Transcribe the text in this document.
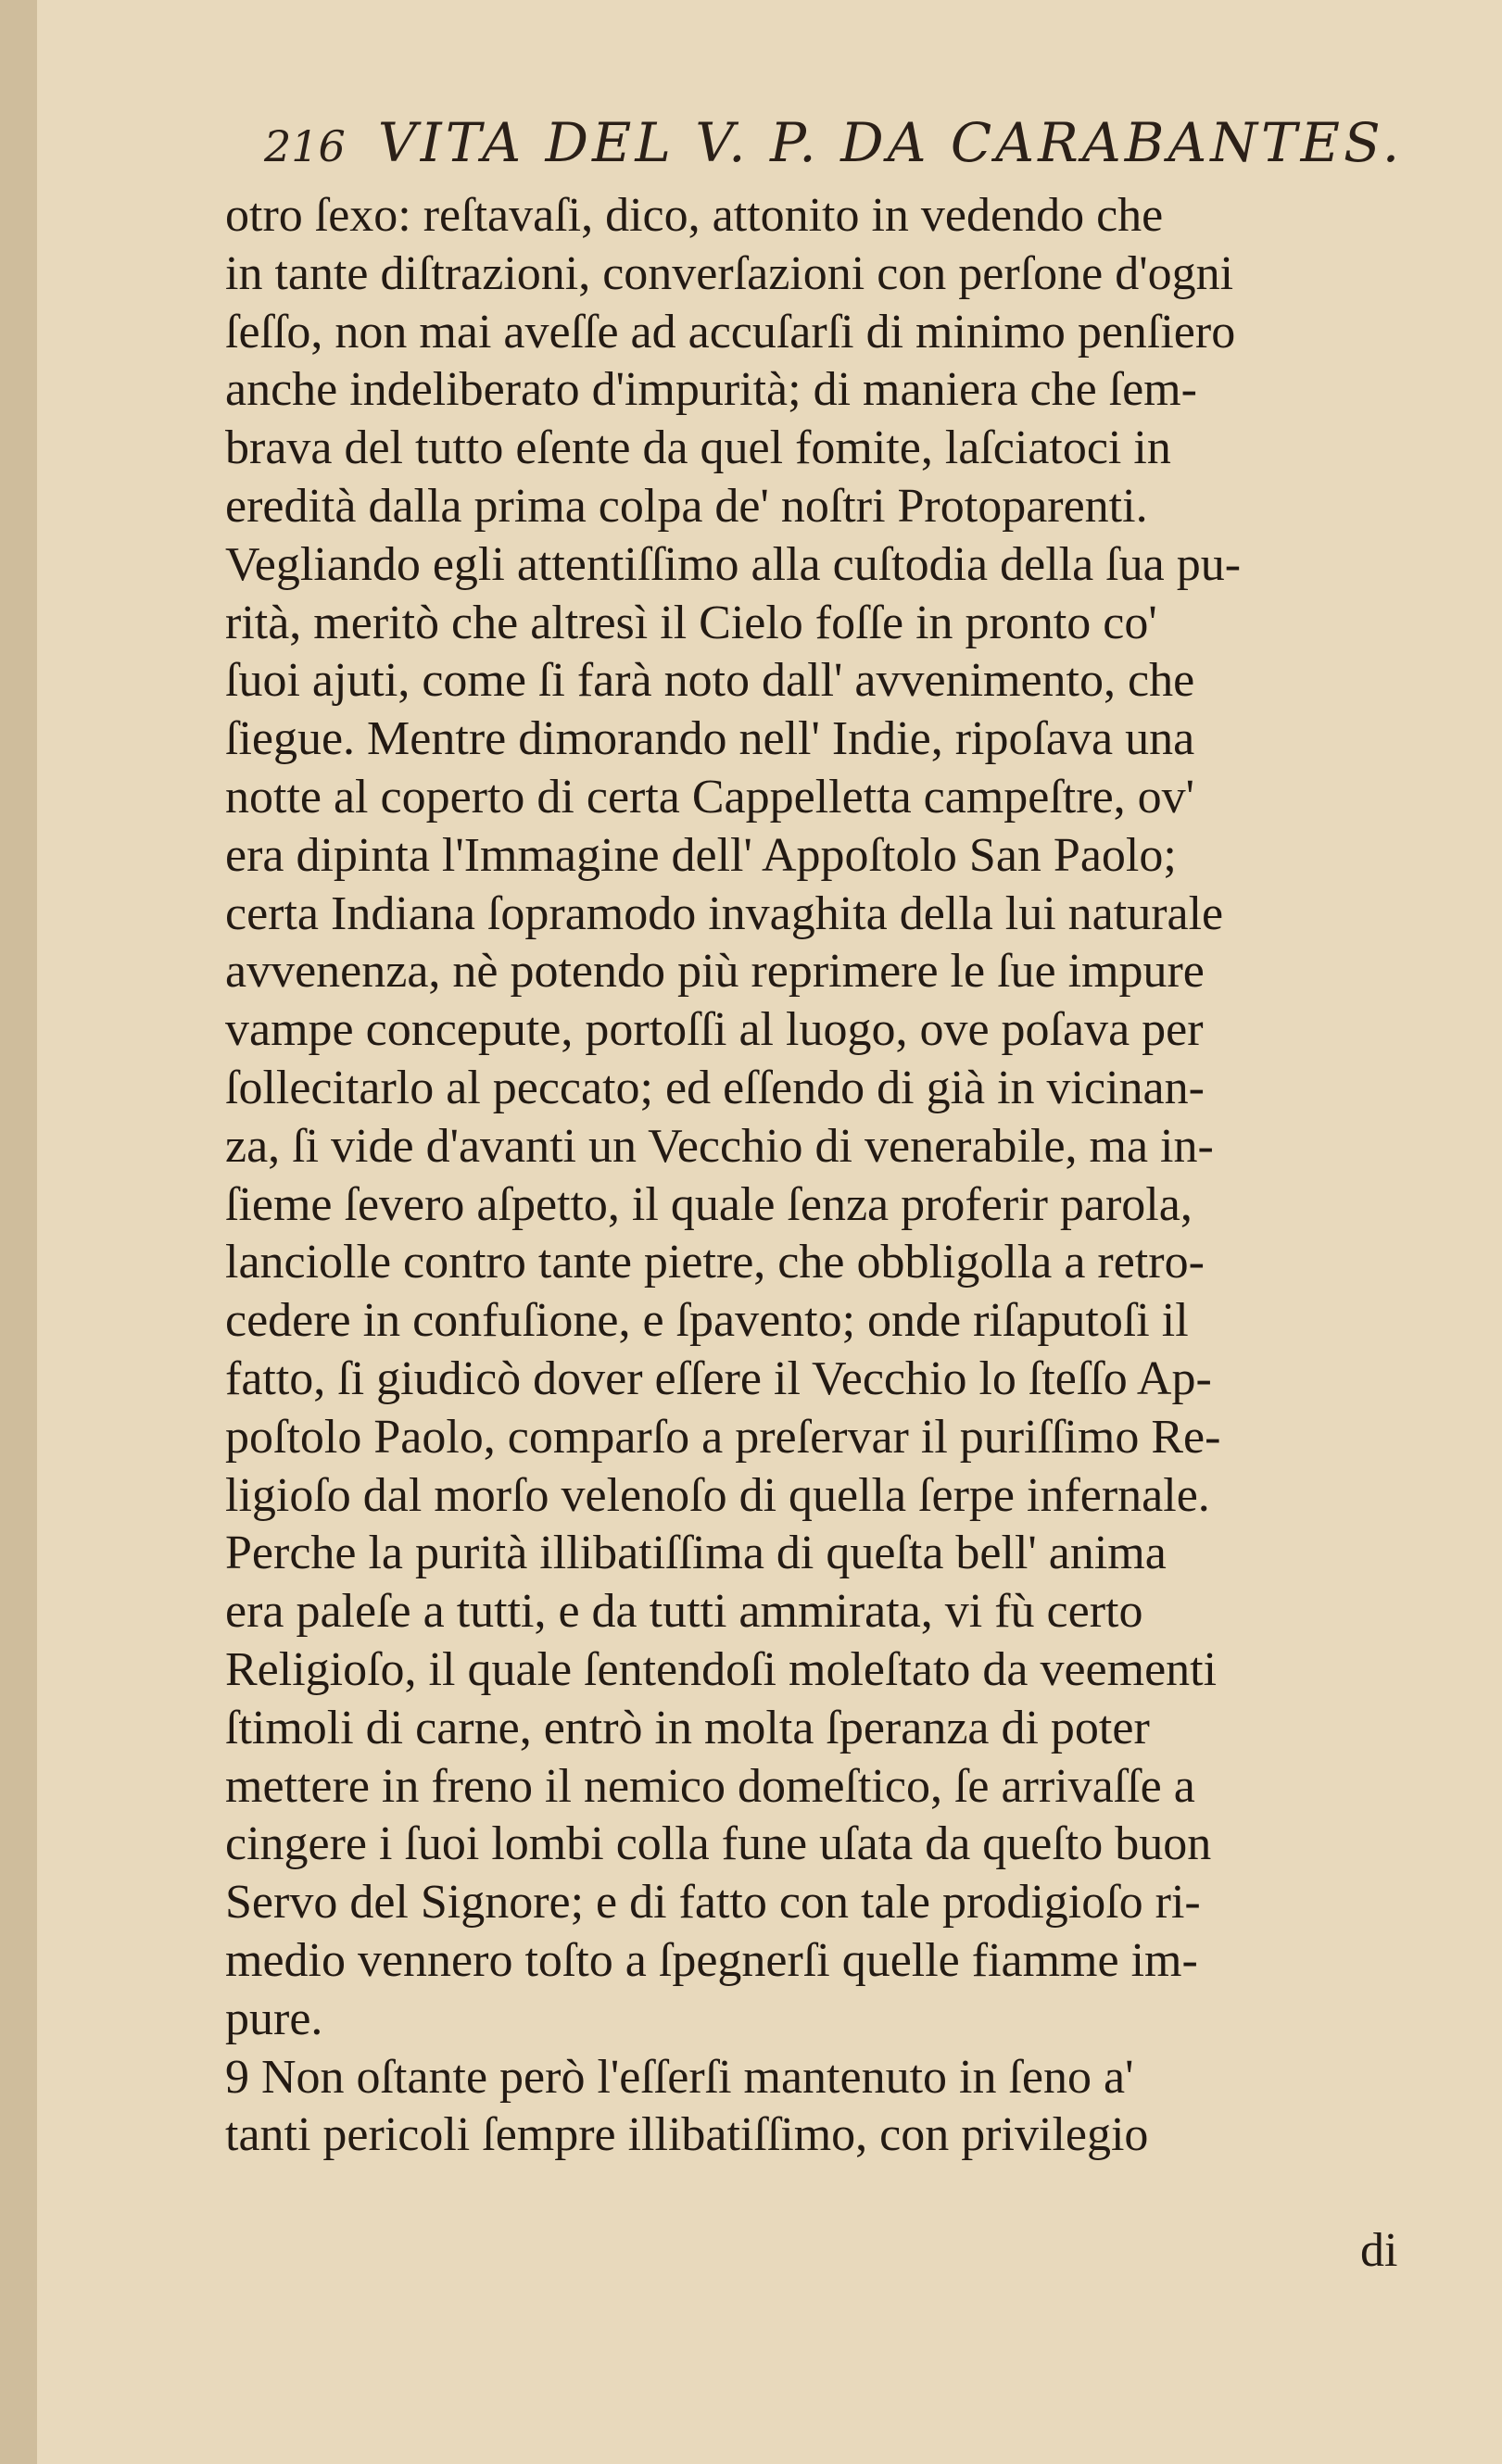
216 VITA DEL V. P. DA CARABANTES.
otro ſexo: reſtavaſi, dico, attonito in vedendo che
in tante diſtrazioni, converſazioni con perſone d'ogni
ſeſſo, non mai aveſſe ad accuſarſi di minimo penſiero
anche indeliberato d'impurità; di maniera che ſem-
brava del tutto eſente da quel fomite, laſciatoci in
eredità dalla prima colpa de' noſtri Protoparenti.
Vegliando egli attentiſſimo alla cuſtodia della ſua pu-
rità, meritò che altresì il Cielo foſſe in pronto co'
ſuoi ajuti, come ſi farà noto dall' avvenimento, che
ſiegue. Mentre dimorando nell' Indie, ripoſava una
notte al coperto di certa Cappelletta campeſtre, ov'
era dipinta l'Immagine dell' Appoſtolo San Paolo;
certa Indiana ſopramodo invaghita della lui naturale
avvenenza, nè potendo più reprimere le ſue impure
vampe concepute, portoſſi al luogo, ove poſava per
ſollecitarlo al peccato; ed eſſendo di già in vicinan-
za, ſi vide d'avanti un Vecchio di venerabile, ma in-
ſieme ſevero aſpetto, il quale ſenza proferir parola,
lanciolle contro tante pietre, che obbligolla a retro-
cedere in confuſione, e ſpavento; onde riſaputoſi il
fatto, ſi giudicò dover eſſere il Vecchio lo ſteſſo Ap-
poſtolo Paolo, comparſo a preſervar il puriſſimo Re-
ligioſo dal morſo velenoſo di quella ſerpe infernale.
Perche la purità illibatiſſima di queſta bell' anima
era paleſe a tutti, e da tutti ammirata, vi fù certo
Religioſo, il quale ſentendoſi moleſtato da veementi
ſtimoli di carne, entrò in molta ſperanza di poter
mettere in freno il nemico domeſtico, ſe arrivaſſe a
cingere i ſuoi lombi colla fune uſata da queſto buon
Servo del Signore; e di fatto con tale prodigioſo ri-
medio vennero toſto a ſpegnerſi quelle fiamme im-
pure.
9 Non oſtante però l'eſſerſi mantenuto in ſeno a'
tanti pericoli ſempre illibatiſſimo, con privilegio
di
